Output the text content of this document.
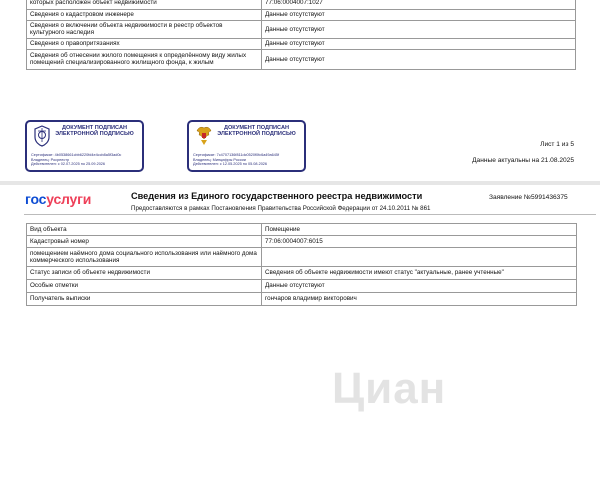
которых расположен объект недвижимости	77:06:0004007:1027
Сведения о кадастровом инженере	Данные отсутствуют
Сведения о включении объекта недвижимости в реестр объектов культурного наследия	Данные отсутствуют
Сведения о правопритязаниях	Данные отсутствуют
Сведения об отнесении жилого помещения к определённому виду жилых помещений специализированного жилищного фонда, к жилым	Данные отсутствуют
ДОКУМЕНТ ПОДПИСАН ЭЛЕКТРОННОЙ ПОДПИСЬЮ
Сертификат: 4b0538661cbb6220fd4e4ccb8a5f3ad0c
Владелец: Росреестр
Действителен: с 02.07.2025 по 25.09.2026
ДОКУМЕНТ ПОДПИСАН ЭЛЕКТРОННОЙ ПОДПИСЬЮ
Сертификат: 7c4707136f811dc0520f0fc6a49a645f
Владелец: Минцифры России
Действителен: с 12.05.2025 по 05.08.2026
Лист 1 из 5
Данные актуальны на 21.08.2025
госуслуги	Сведения из Единого государственного реестра недвижимости	Заявление №5991436375
Предоставляются в рамках Постановления Правительства Российской Федерации от 24.10.2011 № 861
Вид объекта	Помещение
Кадастровый номер	77:06:0004007:6015
помещением наёмного дома социального использования или наёмного дома коммерческого использования	
Статус записи об объекте недвижимости	Сведения об объекте недвижимости имеют статус "актуальные, ранее учтенные"
Особые отметки	Данные отсутствуют
Получатель выписки	гончаров владимир викторович
Циан
